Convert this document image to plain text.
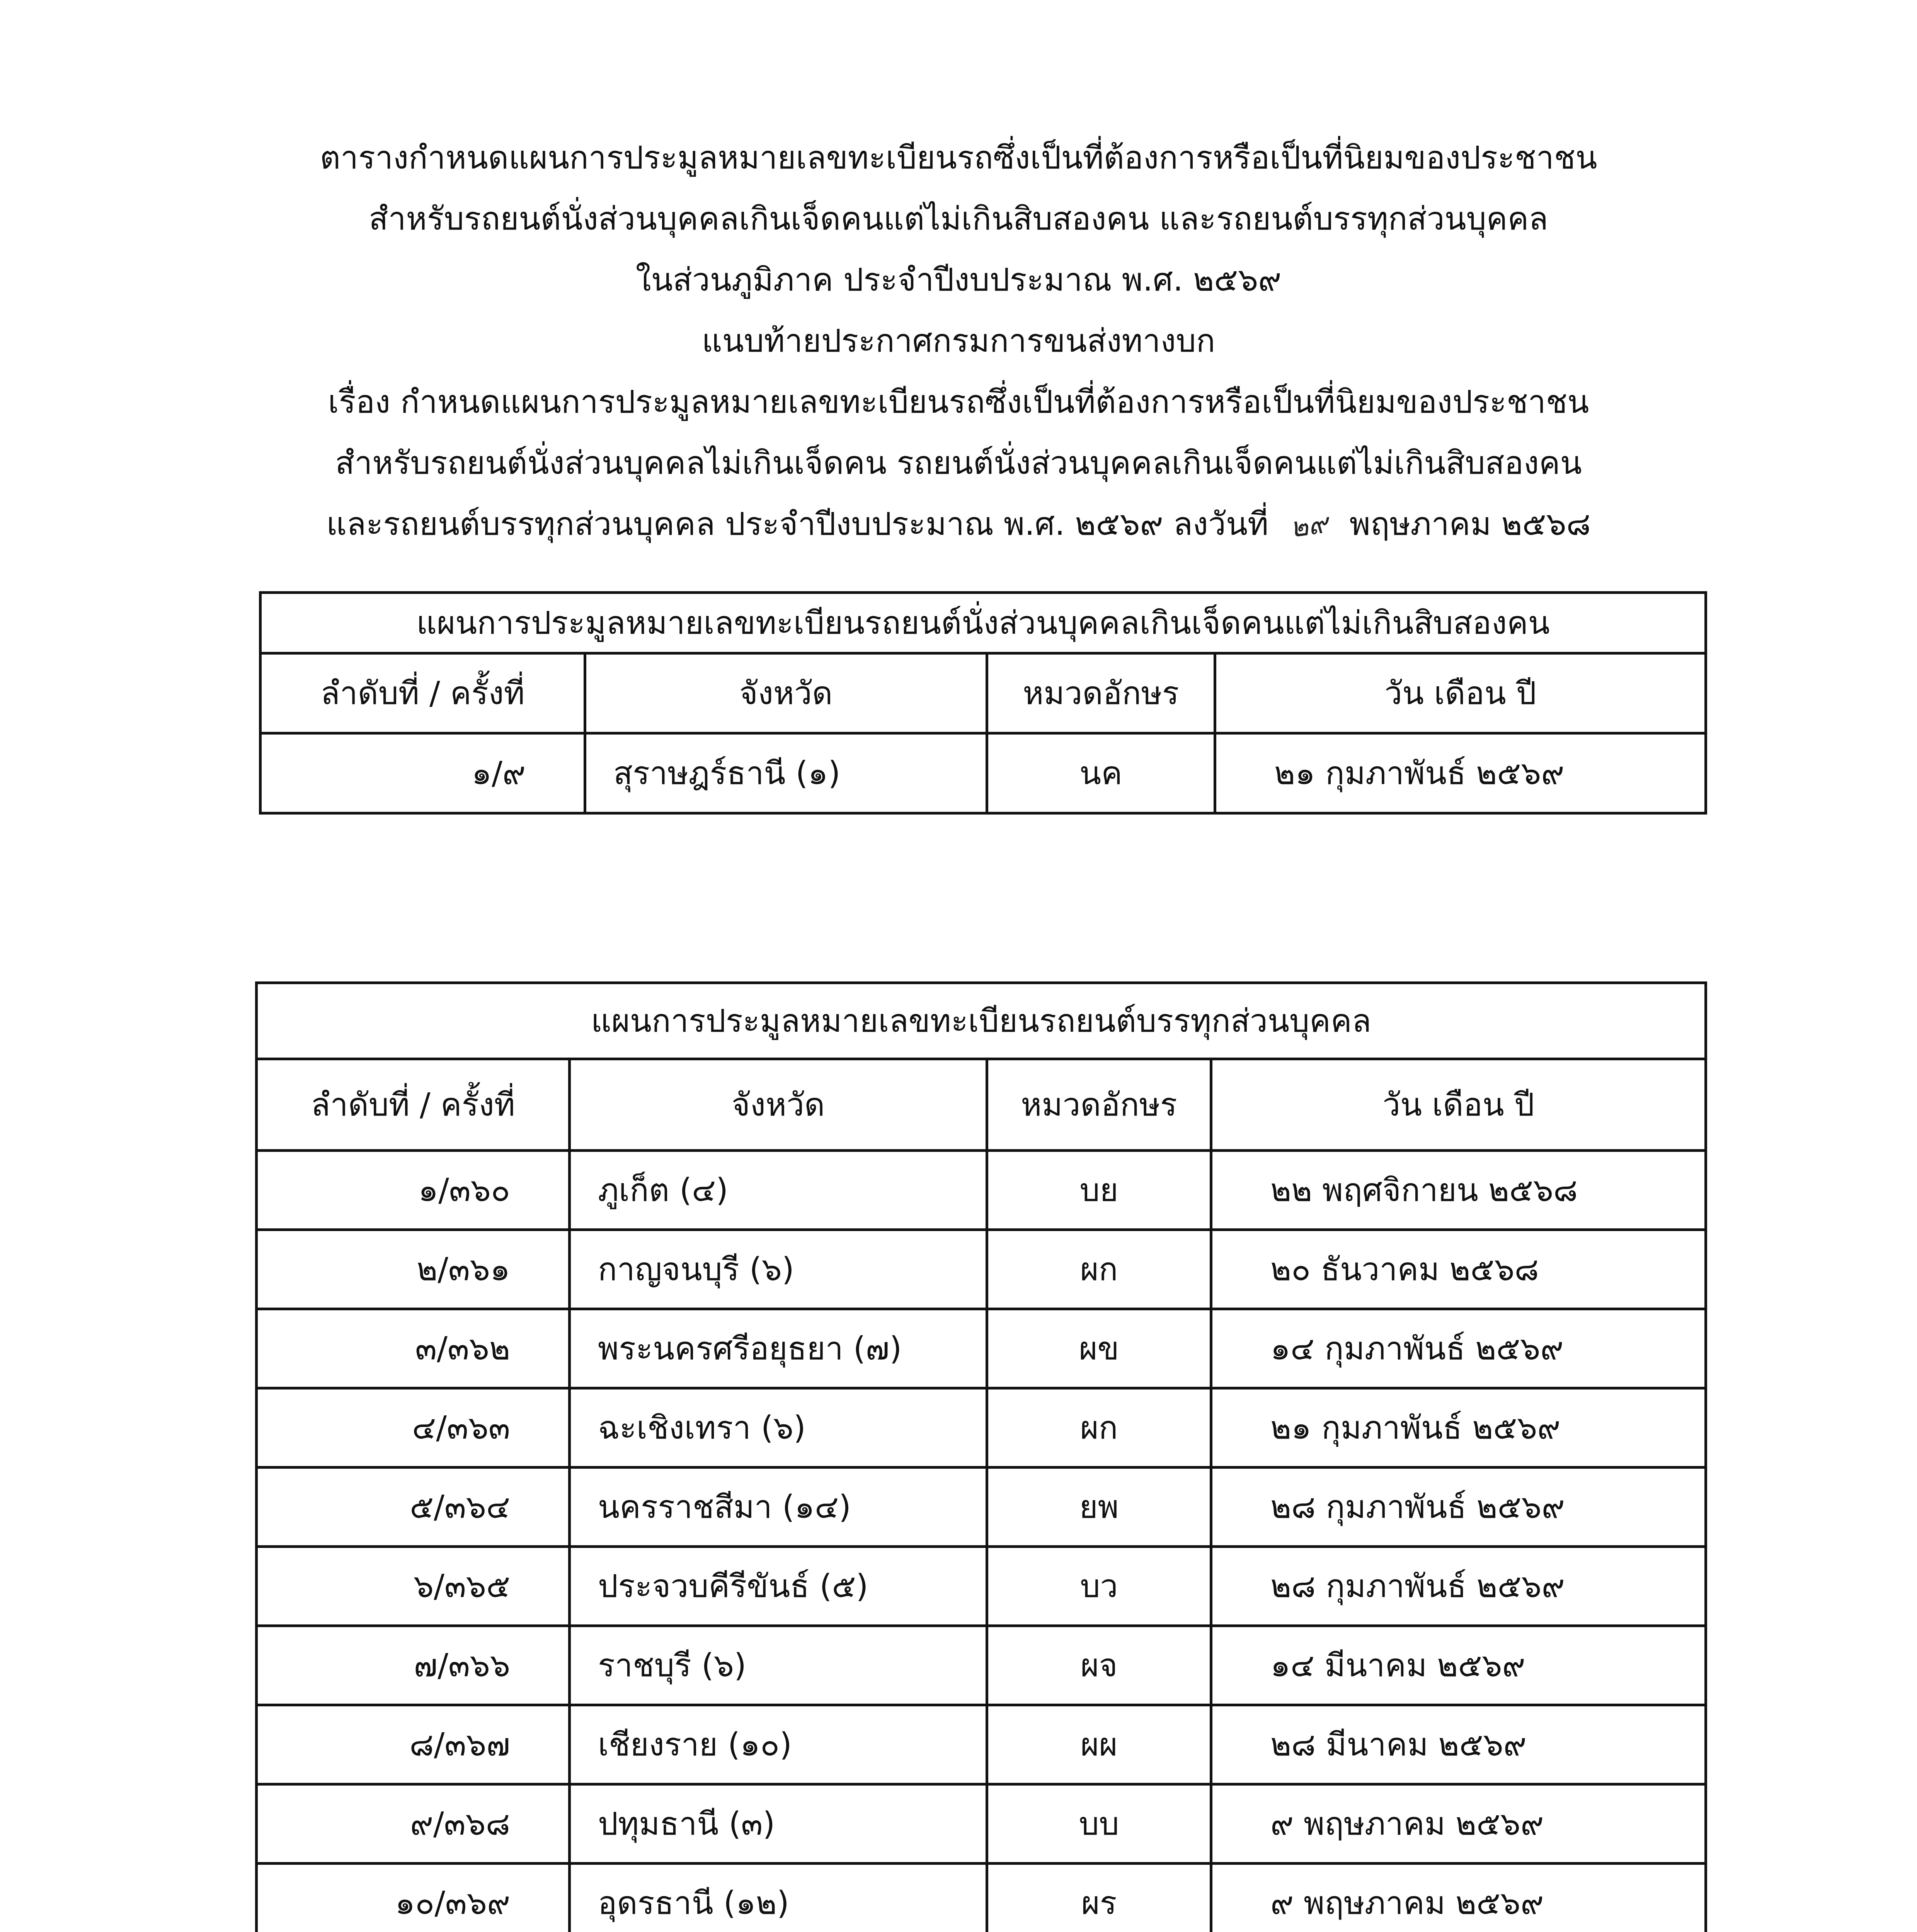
ตารางกำหนดแผนการประมูลหมายเลขทะเบียนรถซึ่งเป็นที่ต้องการหรือเป็นที่นิยมของประชาชน
สำหรับรถยนต์นั่งส่วนบุคคลเกินเจ็ดคนแต่ไม่เกินสิบสองคน และรถยนต์บรรทุกส่วนบุคคล
ในส่วนภูมิภาค ประจำปีงบประมาณ พ.ศ. ๒๕๖๙
แนบท้ายประกาศกรมการขนส่งทางบก
เรื่อง กำหนดแผนการประมูลหมายเลขทะเบียนรถซึ่งเป็นที่ต้องการหรือเป็นที่นิยมของประชาชน
สำหรับรถยนต์นั่งส่วนบุคคลไม่เกินเจ็ดคน รถยนต์นั่งส่วนบุคคลเกินเจ็ดคนแต่ไม่เกินสิบสองคน
และรถยนต์บรรทุกส่วนบุคคล ประจำปีงบประมาณ พ.ศ. ๒๕๖๙ ลงวันที่ ๒๙ พฤษภาคม ๒๕๖๘
แผนการประมูลหมายเลขทะเบียนรถยนต์นั่งส่วนบุคคลเกินเจ็ดคนแต่ไม่เกินสิบสองคน			
ลำดับที่ / ครั้งที่	จังหวัด	หมวดอักษร	วัน เดือน ปี
๑/๙	สุราษฎร์ธานี (๑)	นค	๒๑ กุมภาพันธ์ ๒๕๖๙
แผนการประมูลหมายเลขทะเบียนรถยนต์บรรทุกส่วนบุคคล			
ลำดับที่ / ครั้งที่	จังหวัด	หมวดอักษร	วัน เดือน ปี
๑/๓๖๐	ภูเก็ต (๔)	บย	๒๒ พฤศจิกายน ๒๕๖๘
๒/๓๖๑	กาญจนบุรี (๖)	ผก	๒๐ ธันวาคม ๒๕๖๘
๓/๓๖๒	พระนครศรีอยุธยา (๗)	ผข	๑๔ กุมภาพันธ์ ๒๕๖๙
๔/๓๖๓	ฉะเชิงเทรา (๖)	ผก	๒๑ กุมภาพันธ์ ๒๕๖๙
๕/๓๖๔	นครราชสีมา (๑๔)	ยพ	๒๘ กุมภาพันธ์ ๒๕๖๙
๖/๓๖๕	ประจวบคีรีขันธ์ (๕)	บว	๒๘ กุมภาพันธ์ ๒๕๖๙
๗/๓๖๖	ราชบุรี (๖)	ผจ	๑๔ มีนาคม ๒๕๖๙
๘/๓๖๗	เชียงราย (๑๐)	ผผ	๒๘ มีนาคม ๒๕๖๙
๙/๓๖๘	ปทุมธานี (๓)	บบ	๙ พฤษภาคม ๒๕๖๙
๑๐/๓๖๙	อุดรธานี (๑๒)	ผร	๙ พฤษภาคม ๒๕๖๙
